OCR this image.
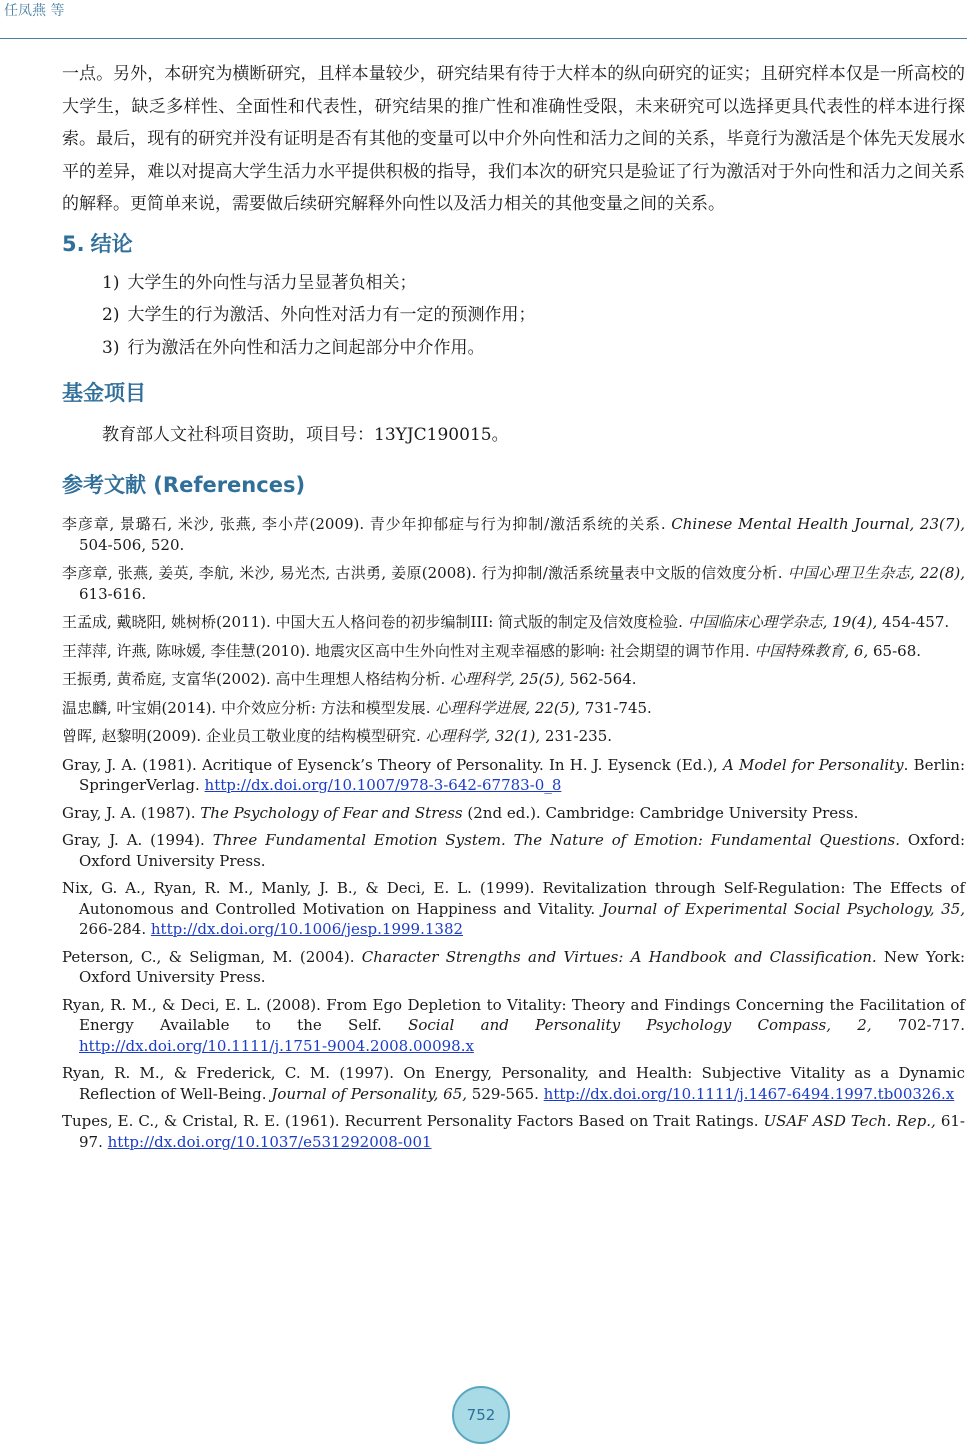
任凤燕 等

一点。另外，本研究为横断研究，且样本量较少，研究结果有待于大样本的纵向研究的证实；且研究样本仅是一所高校的大学生，缺乏多样性、全面性和代表性，研究结果的推广性和准确性受限，未来研究可以选择更具代表性的样本进行探索。最后，现有的研究并没有证明是否有其他的变量可以中介外向性和活力之间的关系，毕竟行为激活是个体先天发展水平的差异，难以对提高大学生活力水平提供积极的指导，我们本次的研究只是验证了行为激活对于外向性和活力之间关系的解释。更简单来说，需要做后续研究解释外向性以及活力相关的其他变量之间的关系。

5. 结论
1) 大学生的外向性与活力呈显著负相关；
2) 大学生的行为激活、外向性对活力有一定的预测作用；
3) 行为激活在外向性和活力之间起部分中介作用。
基金项目

教育部人文社科项目资助，项目号：13YJC190015。

参考文献 (References)
李彦章, 景璐石, 米沙, 张燕, 李小芹(2009). 青少年抑郁症与行为抑制/激活系统的关系. Chinese Mental Health Journal, 23(7), 504-506, 520.
李彦章, 张燕, 姜英, 李航, 米沙, 易光杰, 古洪勇, 姜原(2008). 行为抑制/激活系统量表中文版的信效度分析. 中国心理卫生杂志, 22(8), 613-616.
王孟成, 戴晓阳, 姚树桥(2011). 中国大五人格问卷的初步编制III: 简式版的制定及信效度检验. 中国临床心理学杂志, 19(4), 454-457.
王萍萍, 许燕, 陈咏媛, 李佳慧(2010). 地震灾区高中生外向性对主观幸福感的影响: 社会期望的调节作用. 中国特殊教育, 6, 65-68.
王振勇, 黄希庭, 支富华(2002). 高中生理想人格结构分析. 心理科学, 25(5), 562-564.
温忠麟, 叶宝娟(2014). 中介效应分析: 方法和模型发展. 心理科学进展, 22(5), 731-745.
曾晖, 赵黎明(2009). 企业员工敬业度的结构模型研究. 心理科学, 32(1), 231-235.
Gray, J. A. (1981). Acritique of Eysenck’s Theory of Personality. In H. J. Eysenck (Ed.), A Model for Personality. Berlin: SpringerVerlag. http://dx.doi.org/10.1007/978-3-642-67783-0_8
Gray, J. A. (1987). The Psychology of Fear and Stress (2nd ed.). Cambridge: Cambridge University Press.
Gray, J. A. (1994). Three Fundamental Emotion System. The Nature of Emotion: Fundamental Questions. Oxford: Oxford University Press.
Nix, G. A., Ryan, R. M., Manly, J. B., & Deci, E. L. (1999). Revitalization through Self-Regulation: The Effects of Autonomous and Controlled Motivation on Happiness and Vitality. Journal of Experimental Social Psychology, 35, 266-284. http://dx.doi.org/10.1006/jesp.1999.1382
Peterson, C., & Seligman, M. (2004). Character Strengths and Virtues: A Handbook and Classification. New York: Oxford University Press.
Ryan, R. M., & Deci, E. L. (2008). From Ego Depletion to Vitality: Theory and Findings Concerning the Facilitation of Energy Available to the Self. Social and Personality Psychology Compass, 2, 702-717. http://dx.doi.org/10.1111/j.1751-9004.2008.00098.x
Ryan, R. M., & Frederick, C. M. (1997). On Energy, Personality, and Health: Subjective Vitality as a Dynamic Reflection of Well-Being. Journal of Personality, 65, 529-565. http://dx.doi.org/10.1111/j.1467-6494.1997.tb00326.x
Tupes, E. C., & Cristal, R. E. (1961). Recurrent Personality Factors Based on Trait Ratings. USAF ASD Tech. Rep., 61-97. http://dx.doi.org/10.1037/e531292008-001
752
